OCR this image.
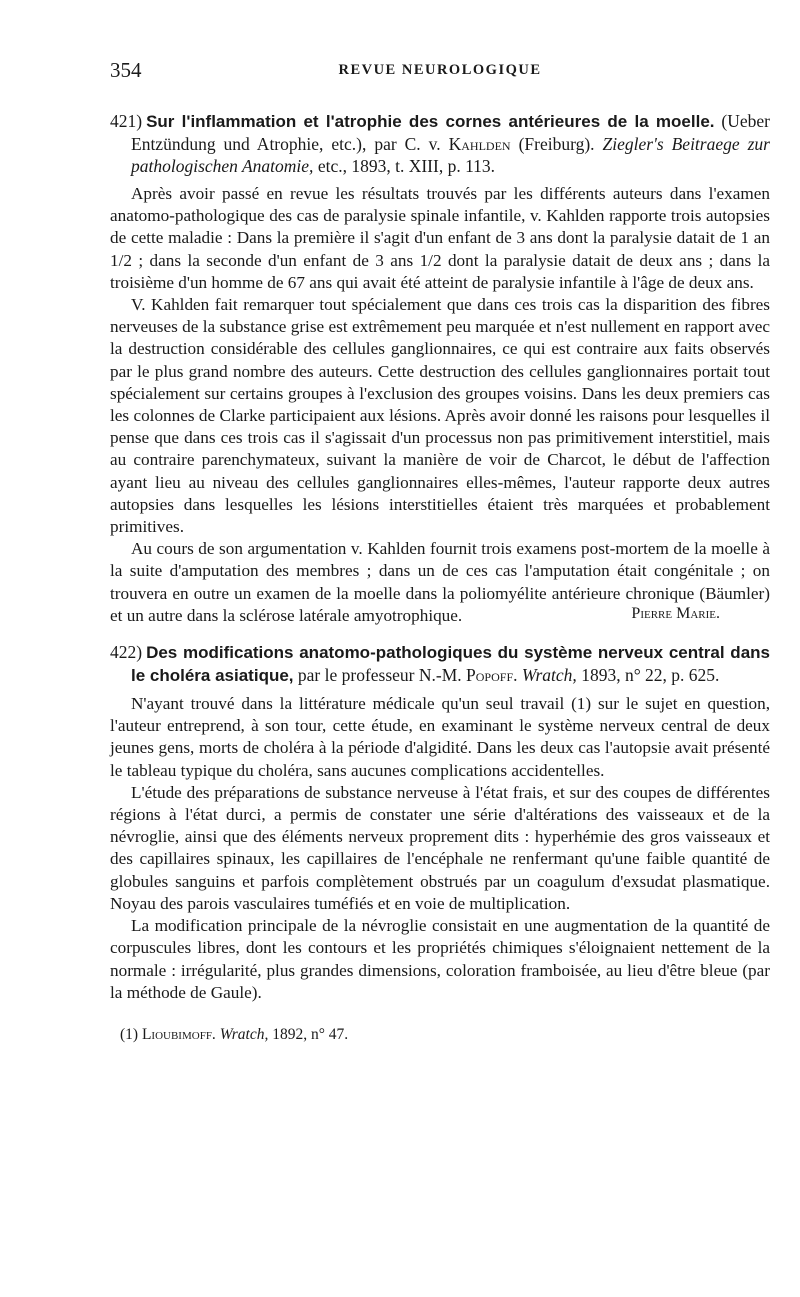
354	REVUE NEUROLOGIQUE
421) Sur l'inflammation et l'atrophie des cornes antérieures de la moelle. (Ueber Entzündung und Atrophie, etc.), par C. v. Kahlden (Freiburg). Ziegler's Beitraege zur pathologischen Anatomie, etc., 1893, t. XIII, p. 113.

Après avoir passé en revue les résultats trouvés par les différents auteurs dans l'examen anatomo-pathologique des cas de paralysie spinale infantile, v. Kahlden rapporte trois autopsies de cette maladie : Dans la première il s'agit d'un enfant de 3 ans dont la paralysie datait de 1 an 1/2 ; dans la seconde d'un enfant de 3 ans 1/2 dont la paralysie datait de deux ans ; dans la troisième d'un homme de 67 ans qui avait été atteint de paralysie infantile à l'âge de deux ans.

V. Kahlden fait remarquer tout spécialement que dans ces trois cas la disparition des fibres nerveuses de la substance grise est extrêmement peu marquée et n'est nullement en rapport avec la destruction considérable des cellules ganglionnaires, ce qui est contraire aux faits observés par le plus grand nombre des auteurs. Cette destruction des cellules ganglionnaires portait tout spécialement sur certains groupes à l'exclusion des groupes voisins. Dans les deux premiers cas les colonnes de Clarke participaient aux lésions. Après avoir donné les raisons pour lesquelles il pense que dans ces trois cas il s'agissait d'un processus non pas primitivement interstitiel, mais au contraire parenchymateux, suivant la manière de voir de Charcot, le début de l'affection ayant lieu au niveau des cellules ganglionnaires elles-mêmes, l'auteur rapporte deux autres autopsies dans lesquelles les lésions interstitielles étaient très marquées et probablement primitives.

Au cours de son argumentation v. Kahlden fournit trois examens post-mortem de la moelle à la suite d'amputation des membres ; dans un de ces cas l'amputation était congénitale ; on trouvera en outre un examen de la moelle dans la poliomyélite antérieure chronique (Bäumler) et un autre dans la sclérose latérale amyotrophique.	Pierre Marie.
422) Des modifications anatomo-pathologiques du système nerveux central dans le choléra asiatique, par le professeur N.-M. Popoff. Wratch, 1893, n° 22, p. 625.

N'ayant trouvé dans la littérature médicale qu'un seul travail (1) sur le sujet en question, l'auteur entreprend, à son tour, cette étude, en examinant le système nerveux central de deux jeunes gens, morts de choléra à la période d'algidité. Dans les deux cas l'autopsie avait présenté le tableau typique du choléra, sans aucunes complications accidentelles.

L'étude des préparations de substance nerveuse à l'état frais, et sur des coupes de différentes régions à l'état durci, a permis de constater une série d'altérations des vaisseaux et de la névroglie, ainsi que des éléments nerveux proprement dits : hyperhémie des gros vaisseaux et des capillaires spinaux, les capillaires de l'encéphale ne renfermant qu'une faible quantité de globules sanguins et parfois complètement obstrués par un coagulum d'exsudat plasmatique. Noyau des parois vasculaires tuméfiés et en voie de multiplication.

La modification principale de la névroglie consistait en une augmentation de la quantité de corpuscules libres, dont les contours et les propriétés chimiques s'éloignaient nettement de la normale : irrégularité, plus grandes dimensions, coloration framboisée, au lieu d'être bleue (par la méthode de Gaule).

(1) Lioubimoff. Wratch, 1892, n° 47.
